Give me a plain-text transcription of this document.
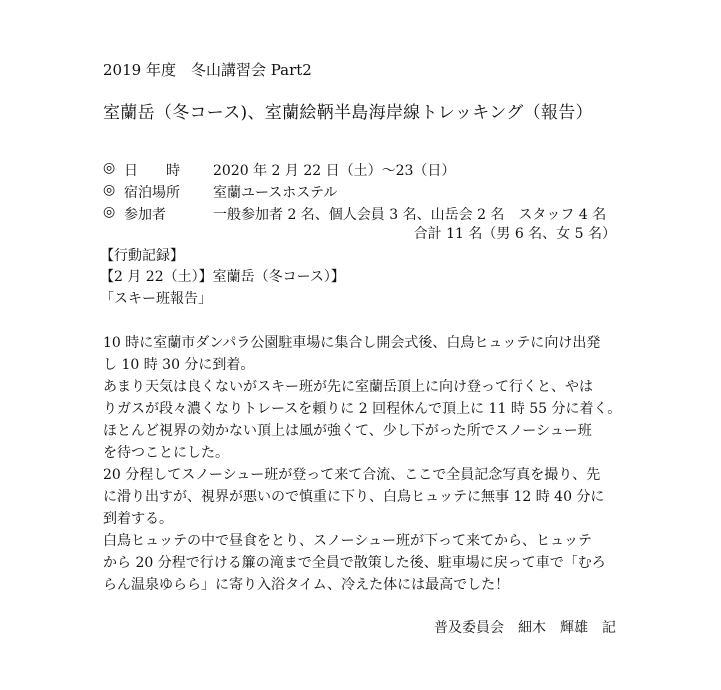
2019 年度　冬山講習会 Part2
室蘭岳（冬コース)、室蘭絵鞆半島海岸線トレッキング（報告）
◎ 日　　時 2020 年 2 月 22 日（土）～23（日）
◎ 宿泊場所 室蘭ユースホステル
◎ 参加者	一般参加者 2 名、個人会員 3 名、山岳会 2 名　スタッフ 4 名
合計 11 名（男 6 名、女 5 名）
【行動記録】
【2 月 22（土）】室蘭岳（冬コース）】
「スキー班報告」
10 時に室蘭市ダンパラ公園駐車場に集合し開会式後、白鳥ヒュッテに向け出発
し 10 時 30 分に到着。
あまり天気は良くないがスキー班が先に室蘭岳頂上に向け登って行くと、やは
りガスが段々濃くなりトレースを頼りに 2 回程休んで頂上に 11 時 55 分に着く。
ほとんど視界の効かない頂上は風が強くて、少し下がった所でスノーシュー班
を待つことにした。
20 分程してスノーシュー班が登って来て合流、ここで全員記念写真を撮り、先
に滑り出すが、視界が悪いので慎重に下り、白鳥ヒュッテに無事 12 時 40 分に
到着する。
白鳥ヒュッテの中で昼食をとり、スノーシュー班が下って来てから、ヒュッテ
から 20 分程で行ける簾の滝まで全員で散策した後、駐車場に戻って車で「むろ
らん温泉ゆらら」に寄り入浴タイム、冷えた体には最高でした！
普及委員会　細木　輝雄　記
